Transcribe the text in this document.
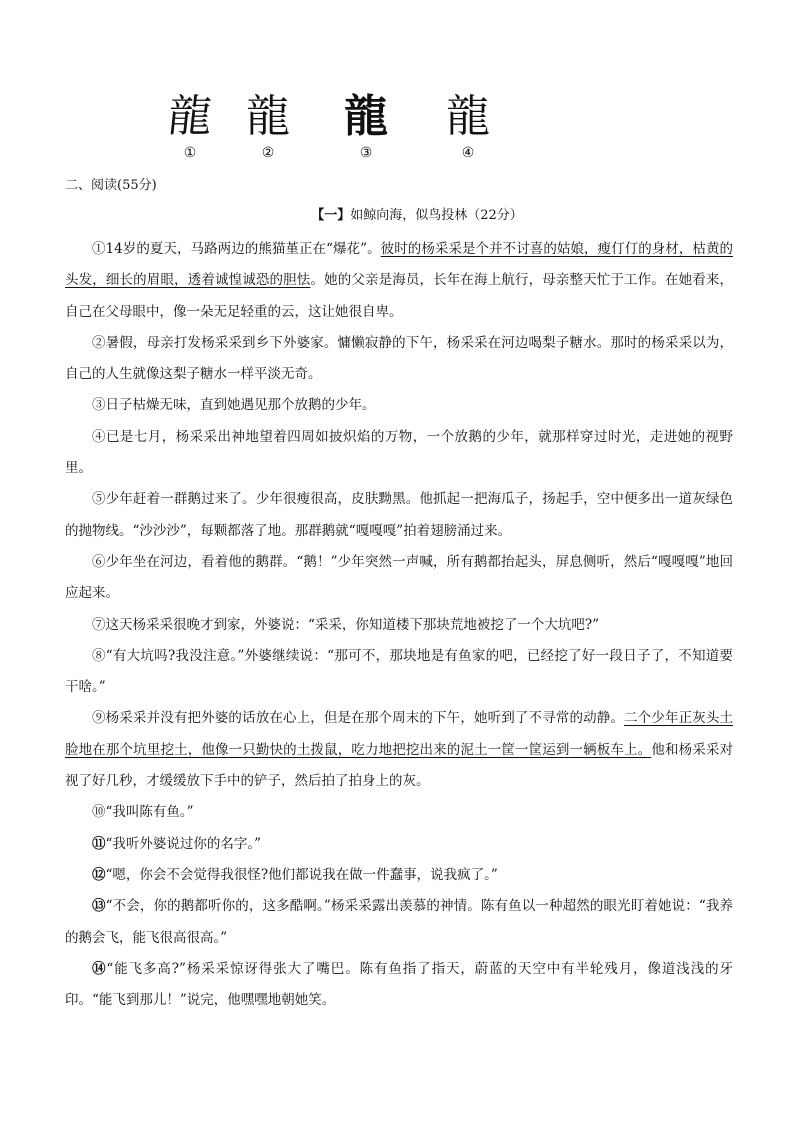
龍
①
龍
②
龍
③
龍
④
二、阅读(55分)
【一】如鲸向海，似鸟投林（22分）

①14岁的夏天，马路两边的熊猫堇正在“爆花”。彼时的杨采采是个并不讨喜的姑娘，瘦仃仃的身材，枯黄的头发，细长的眉眼，透着诚惶诚恐的胆怯。她的父亲是海员，长年在海上航行，母亲整天忙于工作。在她看来，自己在父母眼中，像一朵无足轻重的云，这让她很自卑。

②暑假，母亲打发杨采采到乡下外婆家。慵懒寂静的下午，杨采采在河边喝梨子糖水。那时的杨采采以为， 自己的人生就像这梨子糖水一样平淡无奇。

③日子枯燥无味，直到她遇见那个放鹅的少年。

④已是七月，杨采采出神地望着四周如披炽焰的万物，一个放鹅的少年，就那样穿过时光，走进她的视野里。

⑤少年赶着一群鹅过来了。少年很瘦很高，皮肤黝黑。他抓起一把海瓜子，扬起手，空中便多出一道灰绿色的抛物线。“沙沙沙”，每颗都落了地。那群鹅就“嘎嘎嘎”拍着翅膀涌过来。

⑥少年坐在河边，看着他的鹅群。“鹅！”少年突然一声喊，所有鹅都抬起头，屏息侧听，然后“嘎嘎嘎”地回应起来。

⑦这天杨采采很晚才到家，外婆说：“采采，你知道楼下那块荒地被挖了一个大坑吧?”

⑧“有大坑吗?我没注意。”外婆继续说：“那可不，那块地是有鱼家的吧，已经挖了好一段日子了，不知道要干啥。”

⑨杨采采并没有把外婆的话放在心上，但是在那个周末的下午，她听到了不寻常的动静。二个少年正灰头土脸地在那个坑里挖土，他像一只勤快的土拨鼠，吃力地把挖出来的泥土一筐一筐运到一辆板车上。他和杨采采对视了好几秒，才缓缓放下手中的铲子，然后拍了拍身上的灰。

⑩“我叫陈有鱼。”

⑪“我听外婆说过你的名字。”

⑫“嗯，你会不会觉得我很怪?他们都说我在做一件蠢事，说我疯了。”

⑬“不会，你的鹅都听你的，这多酷啊。”杨采采露出羡慕的神情。陈有鱼以一种超然的眼光盯着她说：“我养的鹅会飞，能飞很高很高。”

⑭“能飞多高?”杨采采惊讶得张大了嘴巴。陈有鱼指了指天，蔚蓝的天空中有半轮残月，像道浅浅的牙印。“能飞到那儿！”说完，他嘿嘿地朝她笑。
